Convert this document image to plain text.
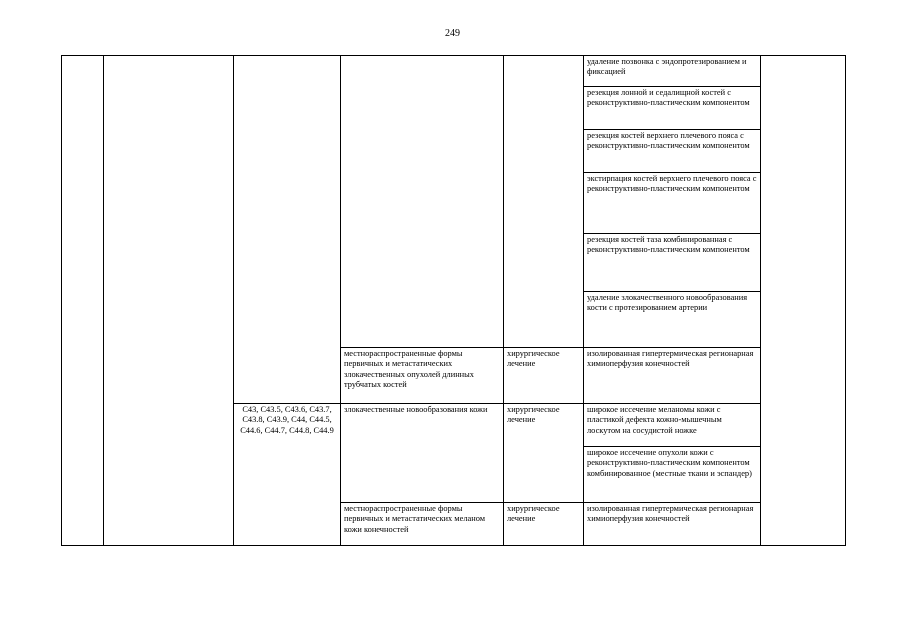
249
					удаление позвонка с эндопротезированием и фиксацией	
					резекция лонной и седалищной костей с реконструктивно-пластическим компонентом	
					резекция костей верхнего плечевого пояса с реконструктивно-пластическим компонентом	
					экстирпация костей верхнего плечевого пояса с реконструктивно-пластическим компонентом	
					резекция костей таза комбинированная с реконструктивно-пластическим компонентом	
					удаление злокачественного новообразования кости с протезированием артерии	
			местнораспространенные формы первичных и метастатических злокачественных опухолей длинных трубчатых костей	хирургическое лечение	изолированная гипертермическая регионарная химиоперфузия конечностей	
		C43, C43.5, C43.6, C43.7, C43.8, C43.9, C44, C44.5, C44.6, C44.7, C44.8, C44.9	злокачественные новообразования кожи	хирургическое лечение	широкое иссечение меланомы кожи с пластикой дефекта кожно-мышечным лоскутом на сосудистой ножке	
					широкое иссечение опухоли кожи с реконструктивно-пластическим компонентом комбинированное (местные ткани и эспандер)	
			местнораспространенные формы первичных и метастатических меланом кожи конечностей	хирургическое лечение	изолированная гипертермическая регионарная химиоперфузия конечностей	
